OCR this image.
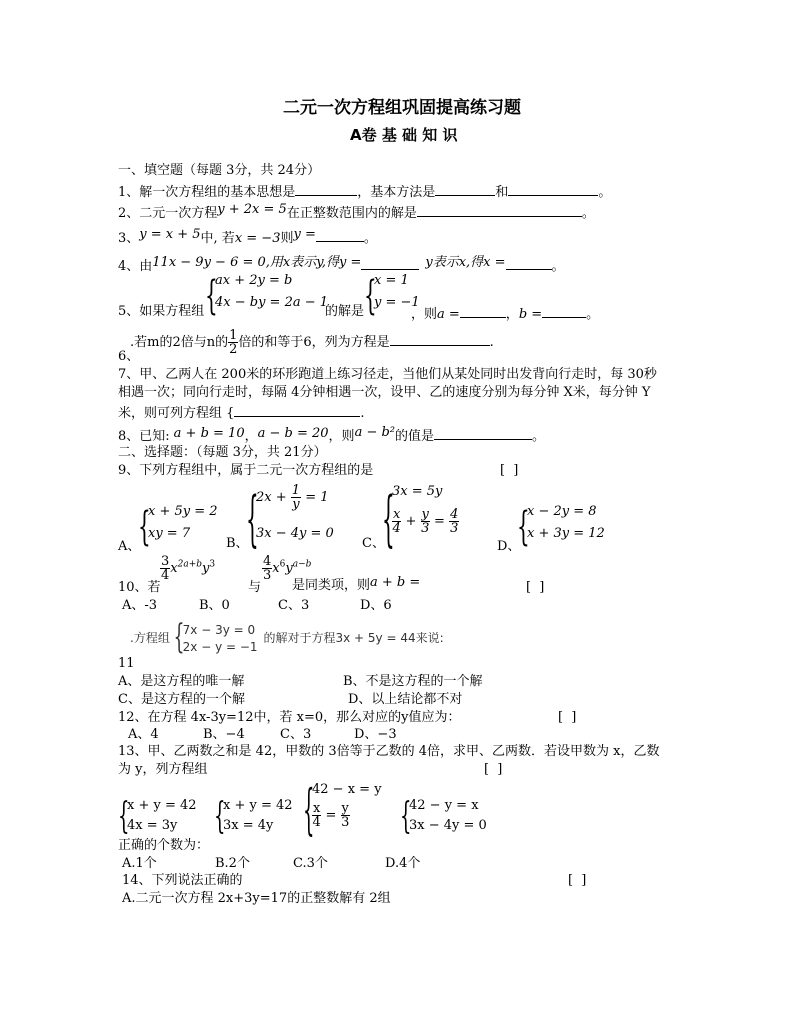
二元一次方程组巩固提高练习题
A卷 基 础 知 识
一、填空题（每题 3分，共 24分）
1、解一次方程组的基本思想是	，基本方法是	和	。
2、二元一次方程y + 2x = 5在正整数范围内的解是	。
3、y = x + 5中, 若x = −3则y =	。
4、由11x − 9y − 6 = 0,用x表示y,得y =	y表示x,得x =	。
5、如果方程组 {
ax + 2y = b
4x − by = 2a − 1
的解是 {
x = 1
y = −1
，则a =	，b =	。
.若m的2倍与n的 $\frac{1}{2}$ 倍的和等于6，列为方程是	.
6、
7、甲、乙两人在 200米的环形跑道上练习径走，当他们从某处同时出发背向行走时，每 30秒
相遇一次；同向行走时，每隔 4分钟相遇一次，设甲、乙的速度分别为每分钟 X米，每分钟 Y
米，则可列方程组 {	.
8、已知: a + b = 10，a − b = 20，则a − b²的值是	。
二、选择题：（每题 3分，共 21分）
9、下列方程组中，属于二元一次方程组的是	[ ]
A、
{
x + 5y = 2
xy = 7
B、
{
$2x + \frac{1}{y} = 1$
3x − 4y = 0
C、
{
3x = 5y
$\frac{x}{4} + \frac{y}{3} = \frac{4}{3}$
D、
{
x − 2y = 8
x + 3y = 12
10、若
$\frac{3}{4} x^{2a+b}y^3$
与
$\frac{4}{3} x^6y^{a-b}$
是同类项，则a + b =	[ ]
A、-3	B、0	C、3	D、6
.方程组 {
7x − 3y = 0
2x − y = −1
的解对于方程3x + 5y = 44来说:
11
A、是这方程的唯一解	B、不是这方程的一个解
C、是这方程的一个解	D、以上结论都不对
12、在方程 4x-3y=12中，若 x=0，那么对应的y值应为：	[ ]
A、4	B、−4	C、3	D、−3
13、甲、乙两数之和是 42，甲数的 3倍等于乙数的 4倍，求甲、乙两数．若设甲数为 x，乙数
为 y，列方程组	[ ]
{
x + y = 42
4x = 3y {
x + y = 42
3x = 4y {
42 − x = y
$\frac{x}{4} = \frac{y}{3}$	{
42 − y = x
3x − 4y = 0
正确的个数为：
A.1个	B.2个	C.3个	D.4个
14、下列说法正确的	[ ]
A.二元一次方程 2x+3y=17的正整数解有 2组
